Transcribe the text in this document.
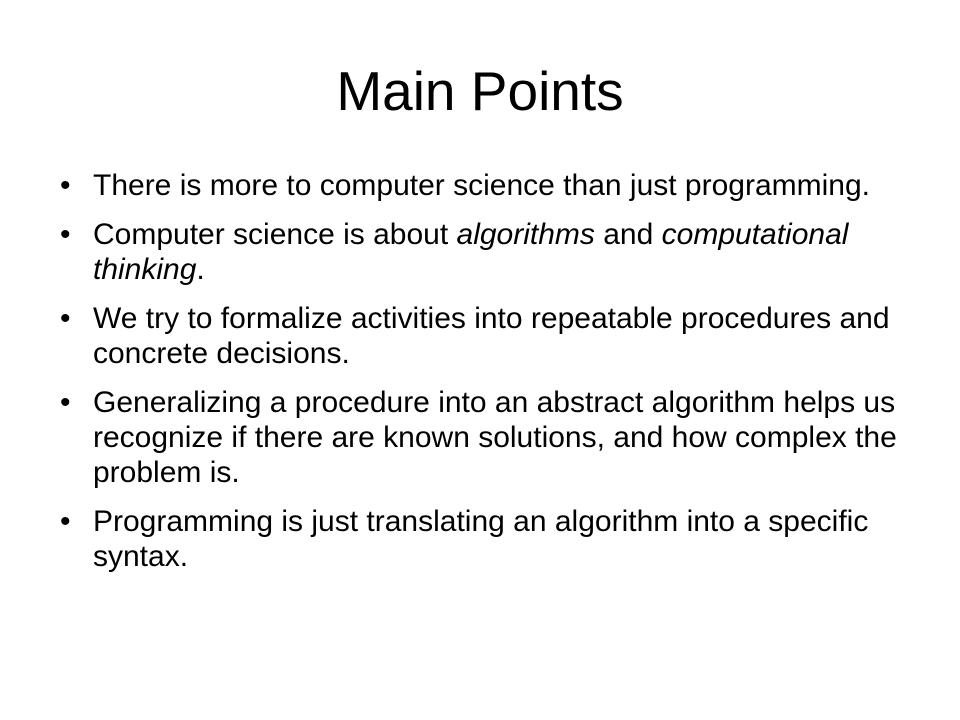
Main Points
• There is more to computer science than just programming.
• Computer science is about algorithms and computational thinking.
• We try to formalize activities into repeatable procedures and concrete decisions.
• Generalizing a procedure into an abstract algorithm helps us recognize if there are known solutions, and how complex the problem is.
• Programming is just translating an algorithm into a specific syntax.
